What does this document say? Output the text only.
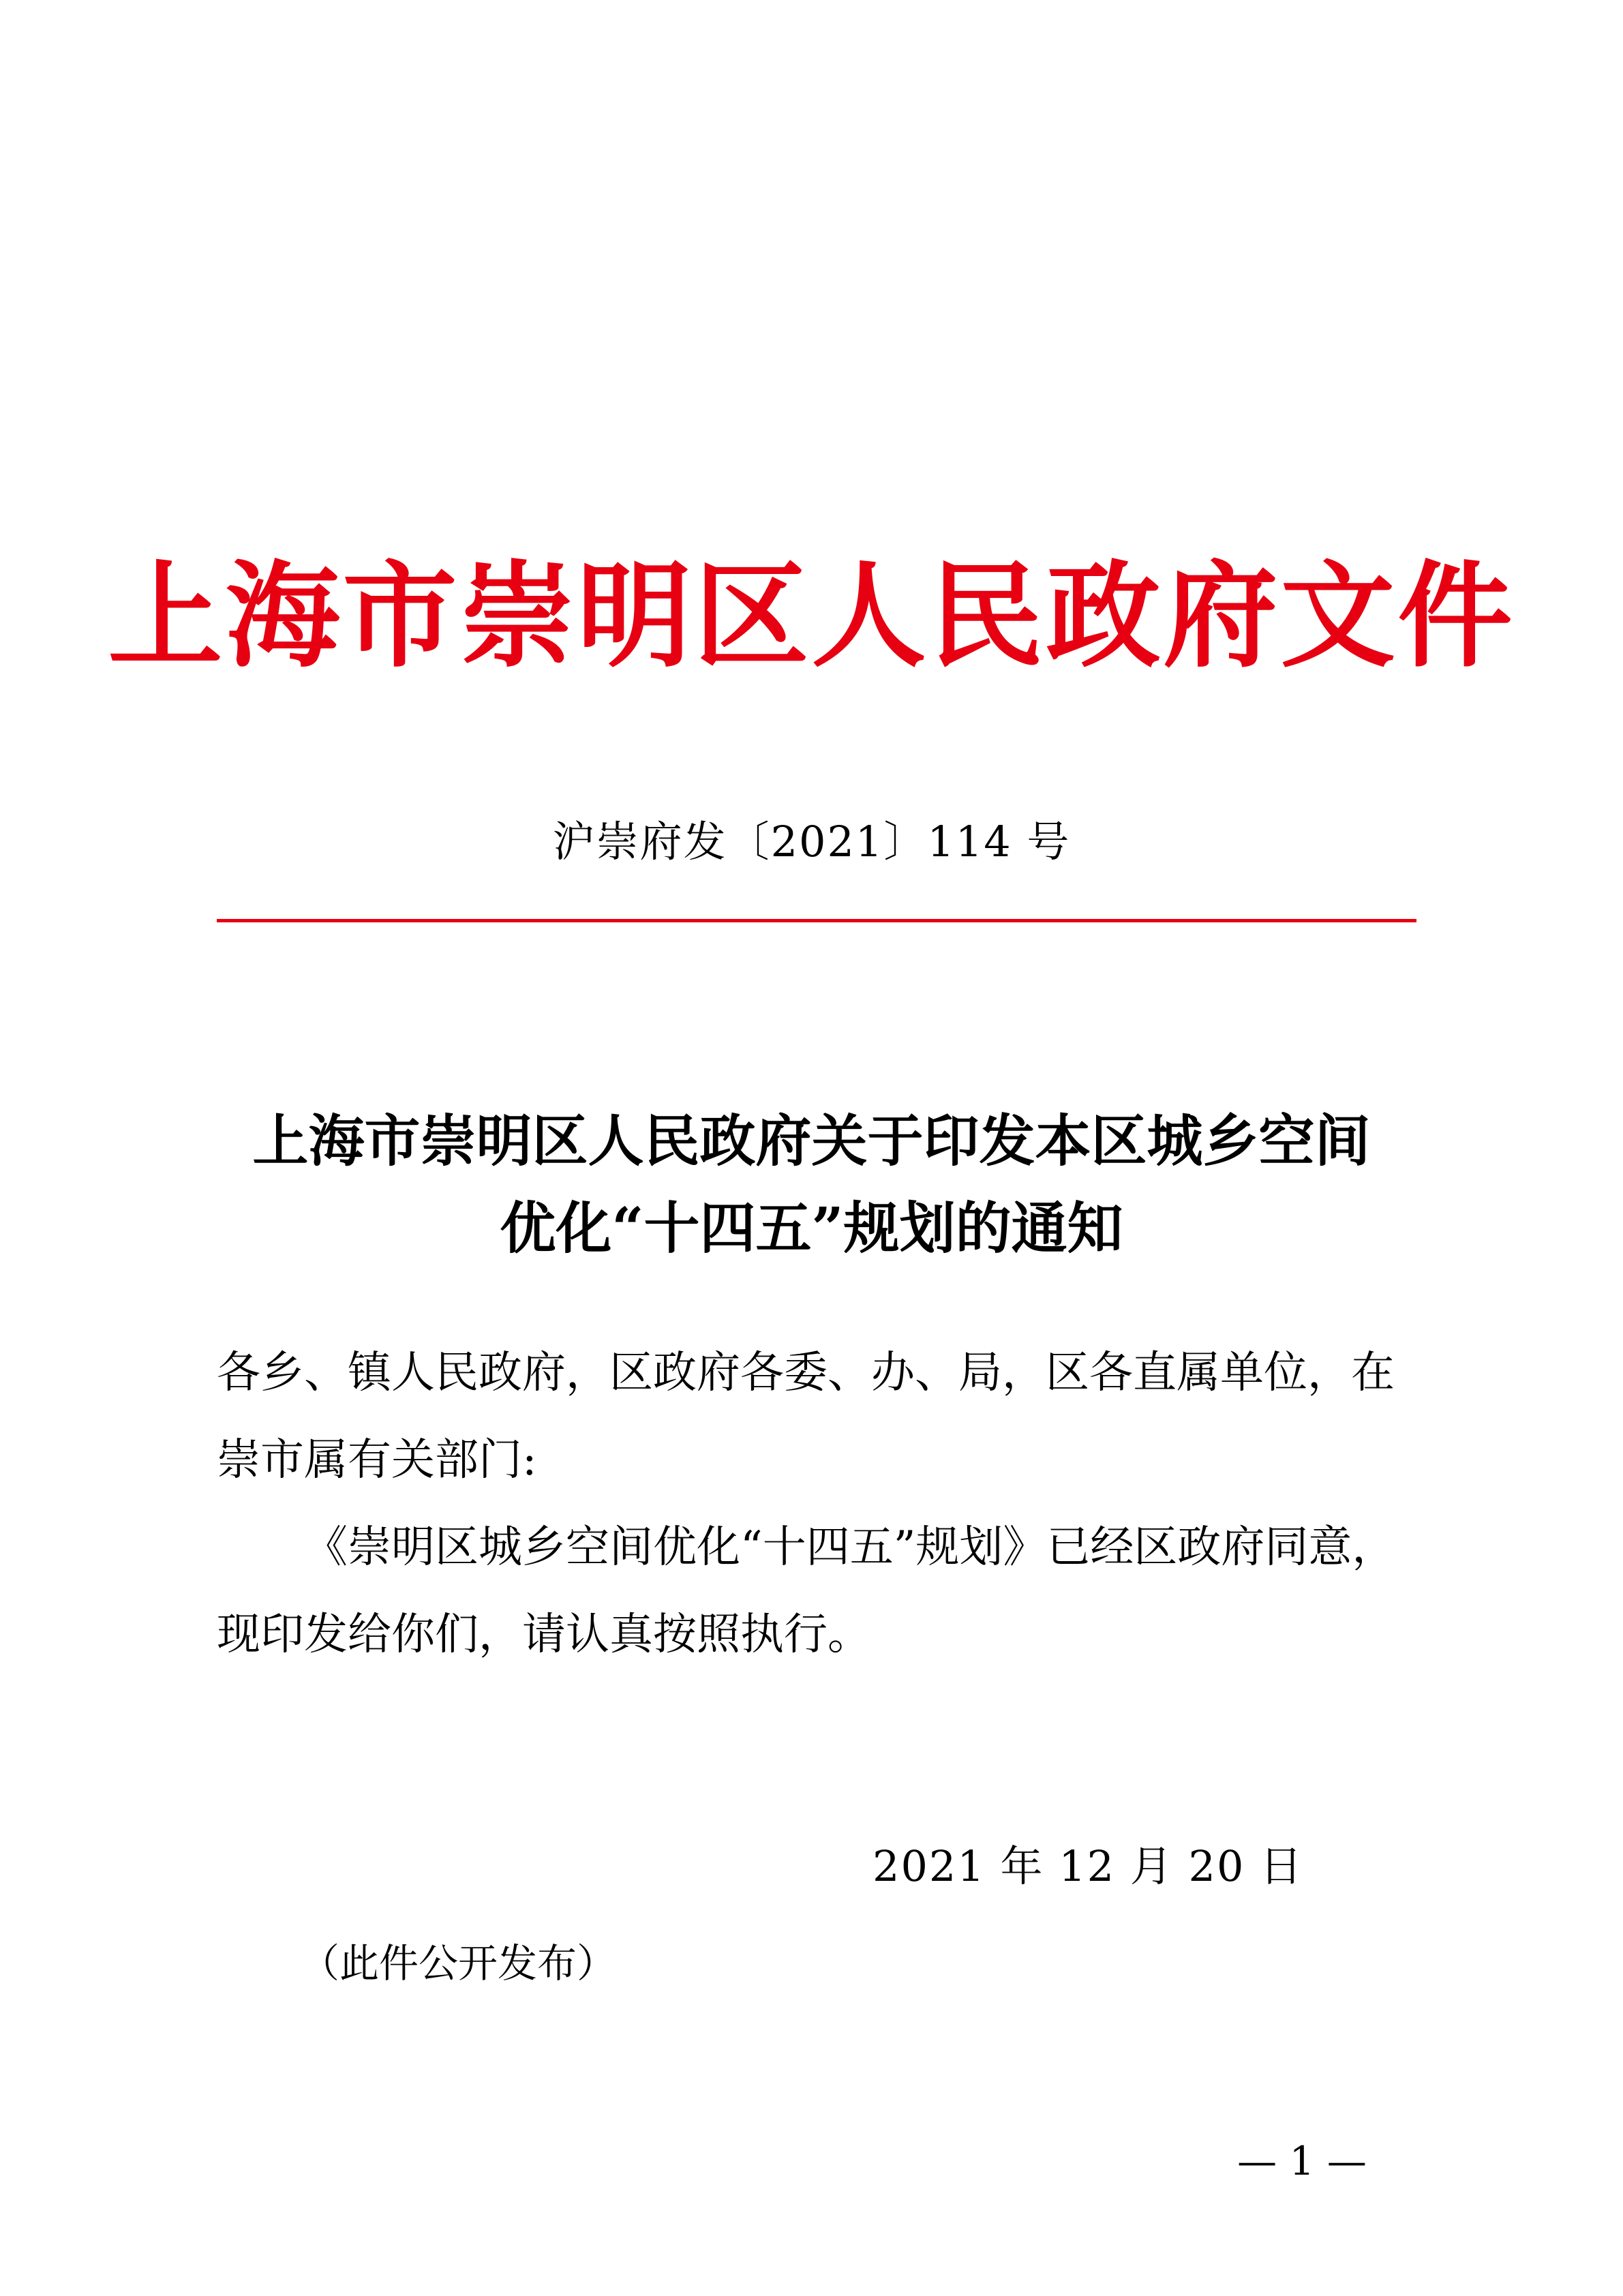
上海市崇明区人民政府文件
沪崇府发〔2021〕114 号
上海市崇明区人民政府关于印发本区城乡空间
优化“十四五”规划的通知

各乡、镇人民政府，区政府各委、办、局，区各直属单位，在崇市属有关部门:

《崇明区城乡空间优化“十四五”规划》已经区政府同意，现印发给你们，请认真按照执行。

2021 年 12 月 20 日
（此件公开发布）
— 1 —
